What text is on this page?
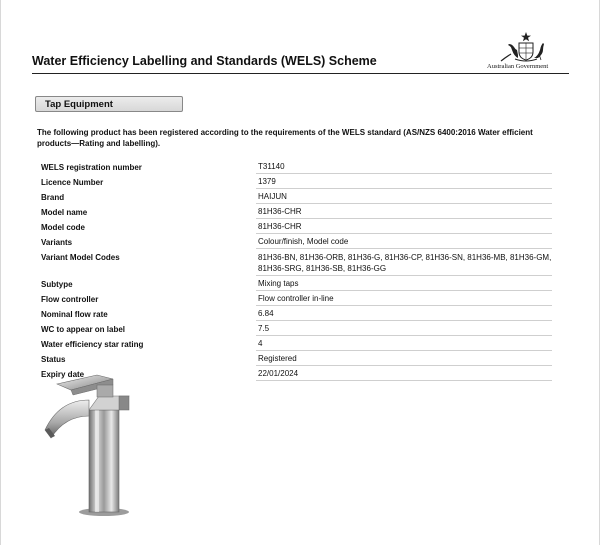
Water Efficiency Labelling and Standards (WELS) Scheme	Australian Government
Tap Equipment
The following product has been registered according to the requirements of the WELS standard (AS/NZS 6400:2016 Water efficient products—Rating and labelling).
WELS registration number	T31140
Licence Number	1379
Brand	HAIJUN
Model name	81H36-CHR
Model code	81H36-CHR
Variants	Colour/finish, Model code
Variant Model Codes	81H36-BN, 81H36-ORB, 81H36-G, 81H36-CP, 81H36-SN, 81H36-MB, 81H36-GM, 81H36-SRG, 81H36-SB, 81H36-GG
Subtype	Mixing taps
Flow controller	Flow controller in-line
Nominal flow rate	6.84
WC to appear on label	7.5
Water efficiency star rating	4
Status	Registered
Expiry date	22/01/2024
